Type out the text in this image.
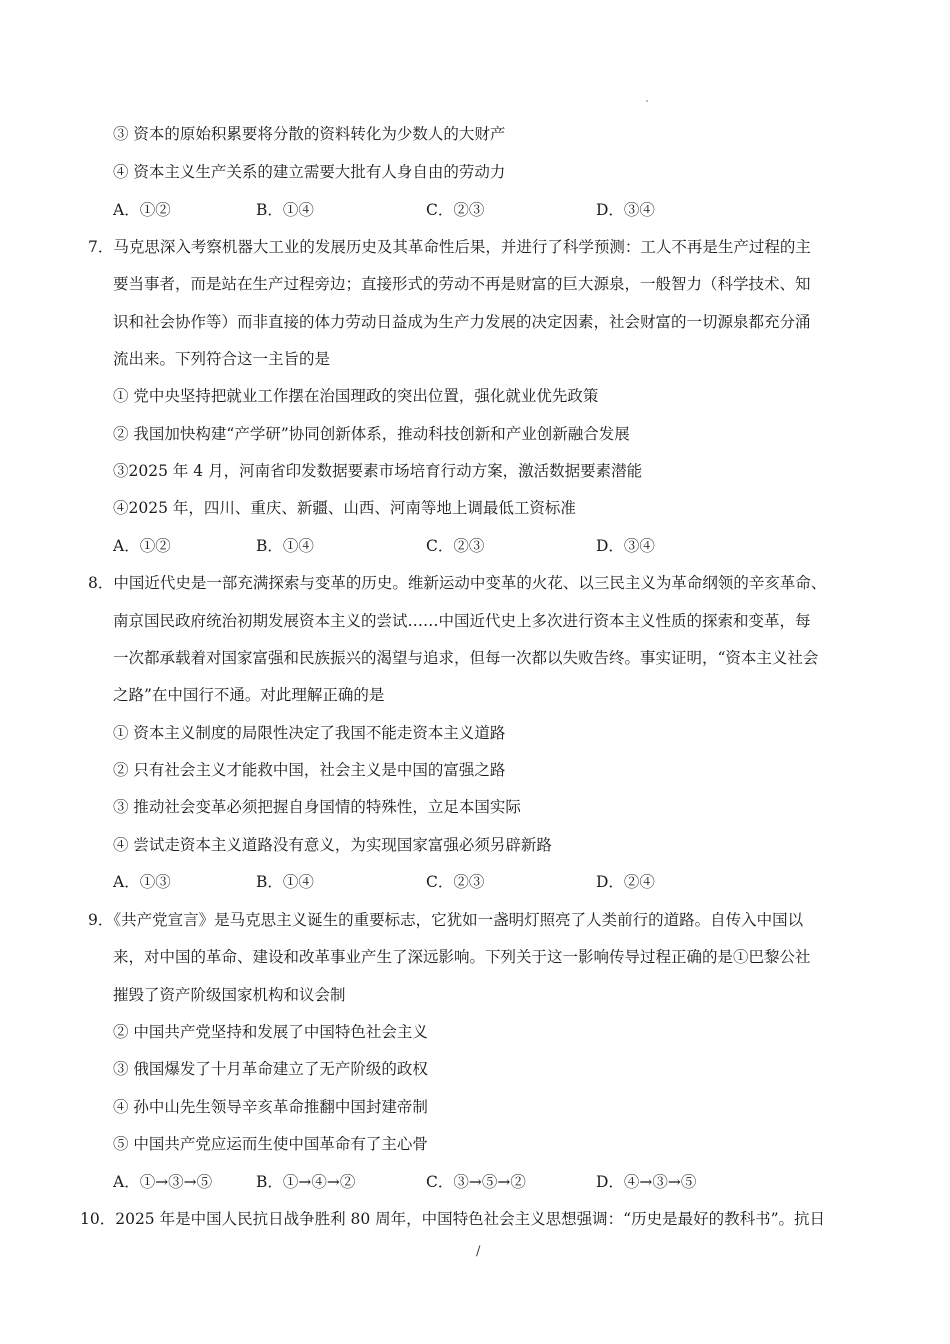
③ 资本的原始积累要将分散的资料转化为少数人的大财产
④ 资本主义生产关系的建立需要大批有人身自由的劳动力
A．①②	B．①④	C．②③	D．③④
7．马克思深入考察机器大工业的发展历史及其革命性后果，并进行了科学预测：工人不再是生产过程的主
要当事者，而是站在生产过程旁边；直接形式的劳动不再是财富的巨大源泉，一般智力（科学技术、知
识和社会协作等）而非直接的体力劳动日益成为生产力发展的决定因素，社会财富的一切源泉都充分涌
流出来。下列符合这一主旨的是
① 党中央坚持把就业工作摆在治国理政的突出位置，强化就业优先政策
② 我国加快构建“产学研”协同创新体系，推动科技创新和产业创新融合发展
③2025 年 4 月，河南省印发数据要素市场培育行动方案，激活数据要素潜能
④2025 年，四川、重庆、新疆、山西、河南等地上调最低工资标准
A．①②	B．①④	C．②③	D．③④
8．中国近代史是一部充满探索与变革的历史。维新运动中变革的火花、以三民主义为革命纲领的辛亥革命、
南京国民政府统治初期发展资本主义的尝试……中国近代史上多次进行资本主义性质的探索和变革，每
一次都承载着对国家富强和民族振兴的渴望与追求，但每一次都以失败告终。事实证明，“资本主义社会
之路”在中国行不通。对此理解正确的是
① 资本主义制度的局限性决定了我国不能走资本主义道路
② 只有社会主义才能救中国，社会主义是中国的富强之路
③ 推动社会变革必须把握自身国情的特殊性，立足本国实际
④ 尝试走资本主义道路没有意义，为实现国家富强必须另辟新路
A．①③	B．①④	C．②③	D．②④
9．《共产党宣言》是马克思主义诞生的重要标志，它犹如一盏明灯照亮了人类前行的道路。自传入中国以
来，对中国的革命、建设和改革事业产生了深远影响。下列关于这一影响传导过程正确的是①巴黎公社
摧毁了资产阶级国家机构和议会制
② 中国共产党坚持和发展了中国特色社会主义
③ 俄国爆发了十月革命建立了无产阶级的政权
④ 孙中山先生领导辛亥革命推翻中国封建帝制
⑤ 中国共产党应运而生使中国革命有了主心骨
A．①→③→⑤	B．①→④→②	C．③→⑤→②	D．④→③→⑤
10．2025 年是中国人民抗日战争胜利 80 周年，中国特色社会主义思想强调：“历史是最好的教科书”。抗日
/
